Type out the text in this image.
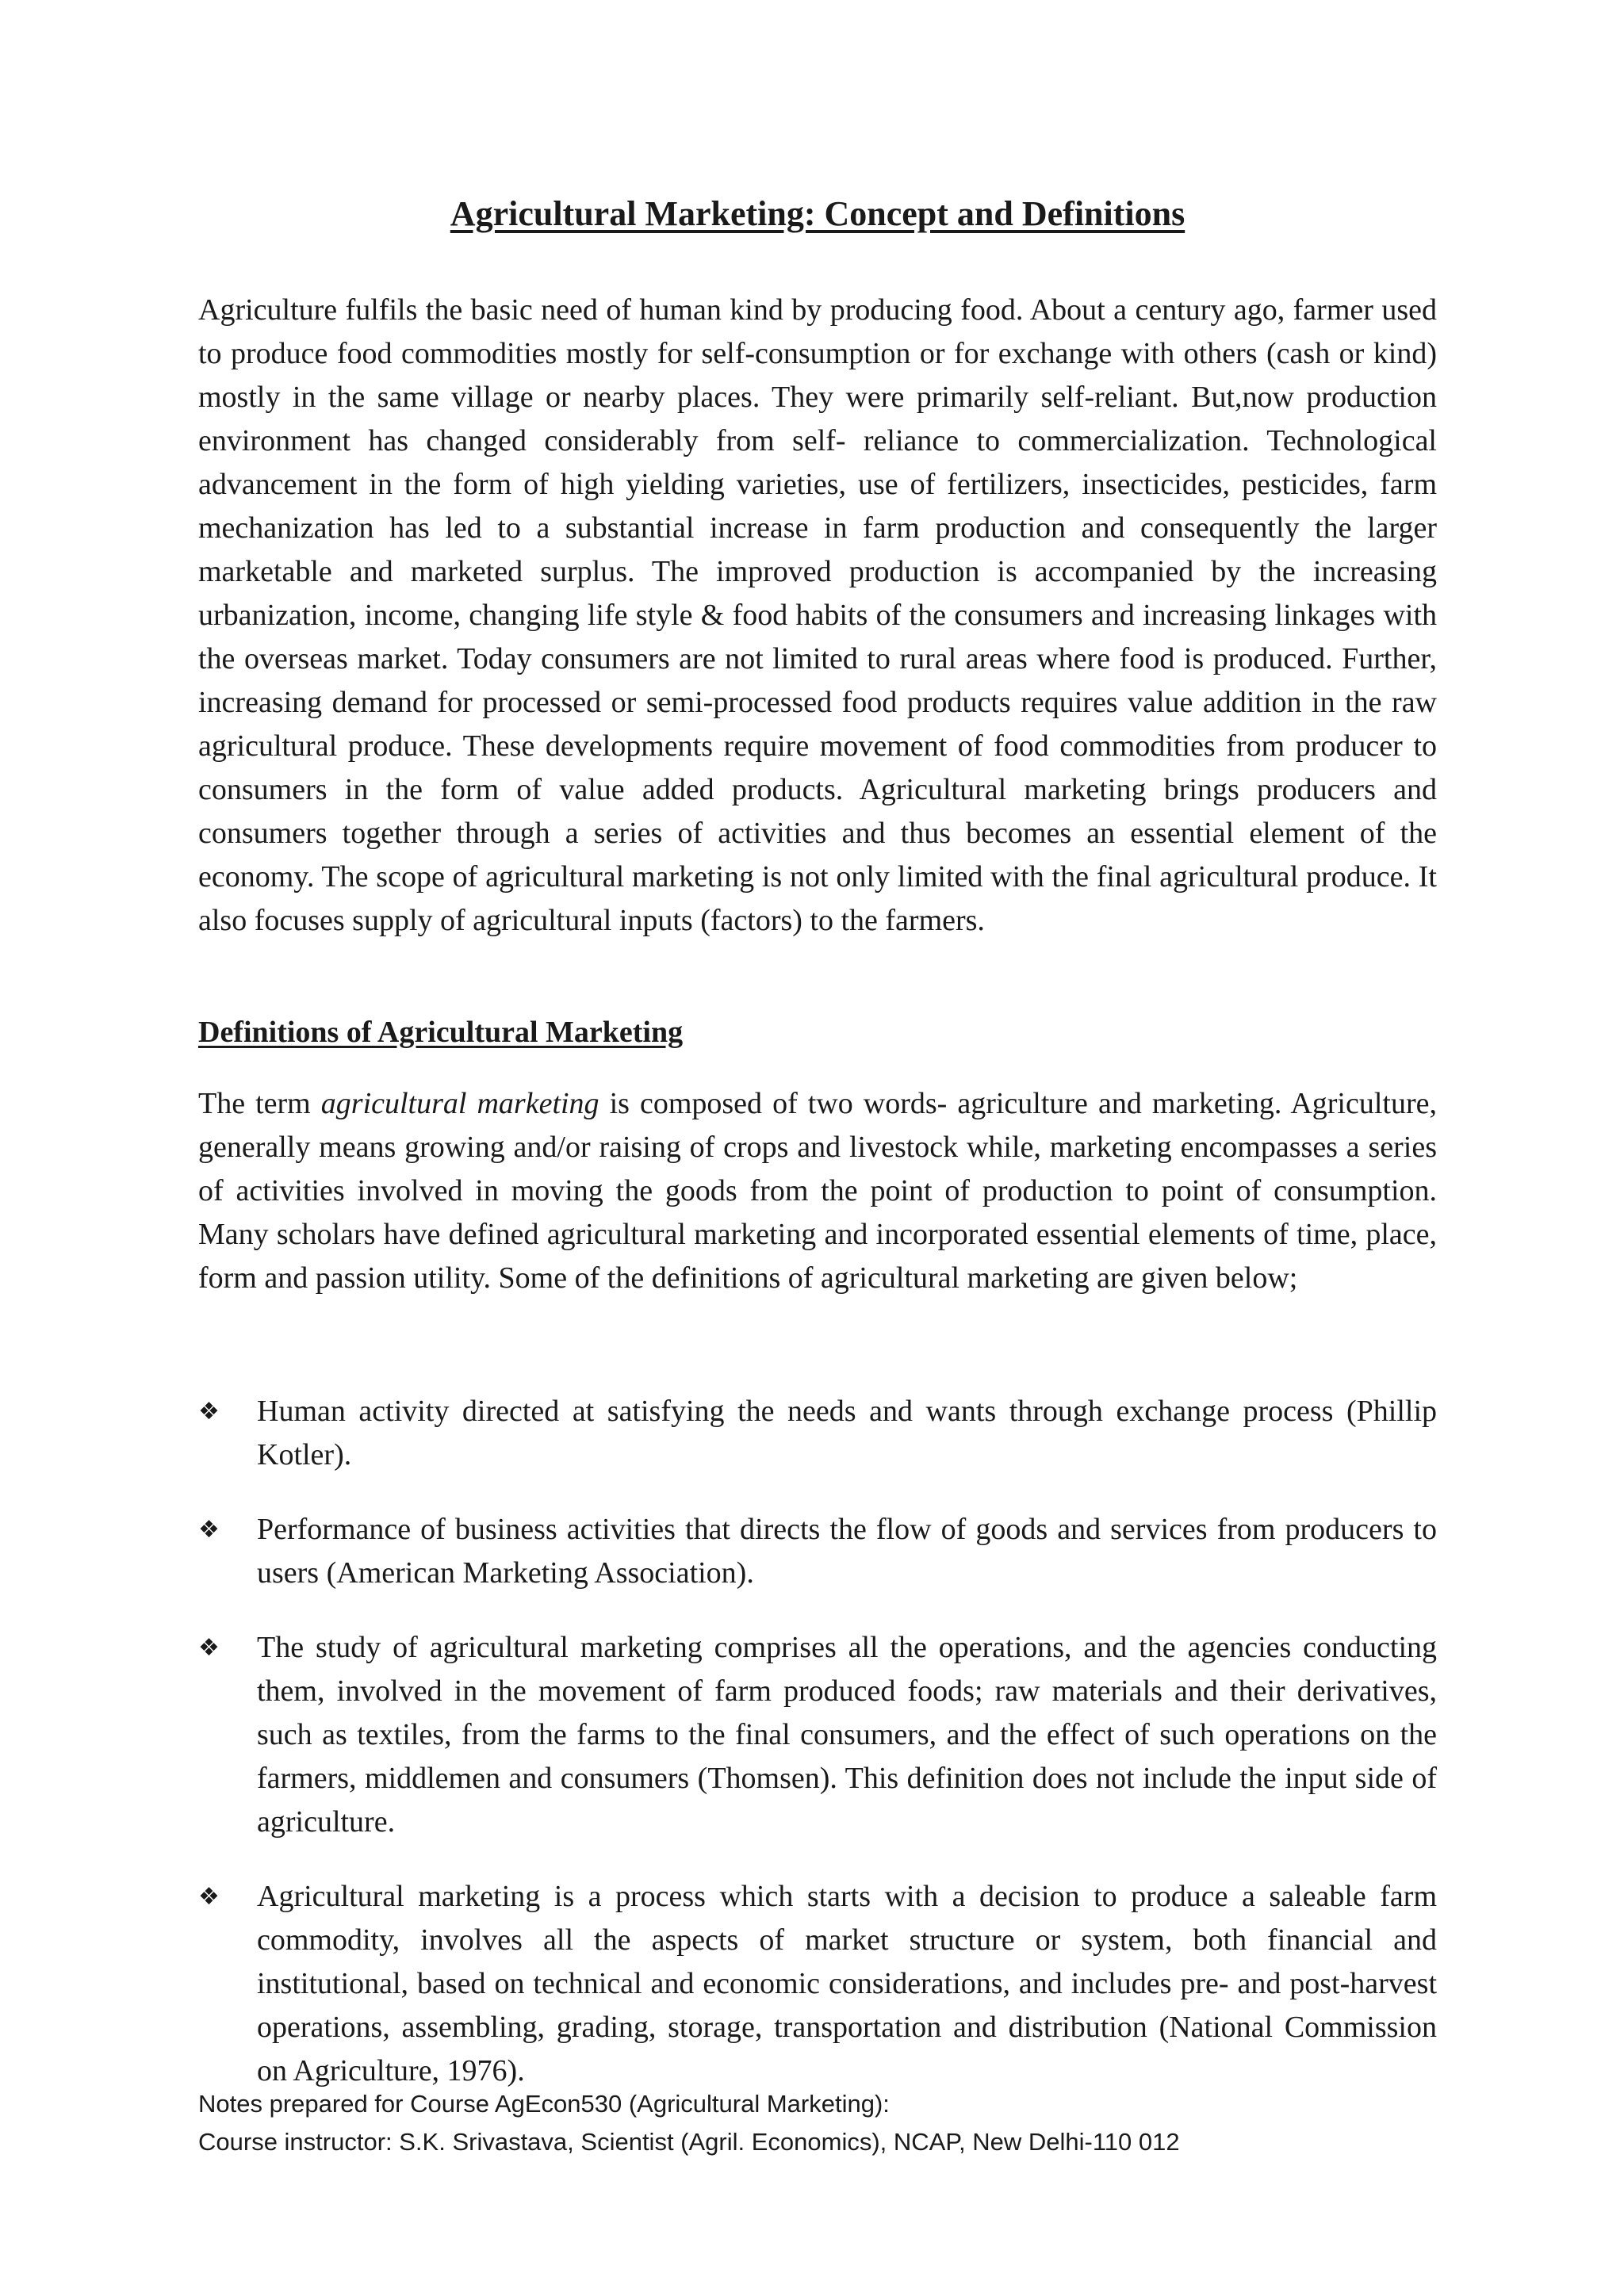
Agricultural Marketing: Concept and Definitions

Agriculture fulfils the basic need of human kind by producing food. About a century ago, farmer used to produce food commodities mostly for self-consumption or for exchange with others (cash or kind) mostly in the same village or nearby places. They were primarily self-reliant. But,now production environment has changed considerably from self- reliance to commercialization. Technological advancement in the form of high yielding varieties, use of fertilizers, insecticides, pesticides, farm mechanization has led to a substantial increase in farm production and consequently the larger marketable and marketed surplus. The improved production is accompanied by the increasing urbanization, income, changing life style & food habits of the consumers and increasing linkages with the overseas market. Today consumers are not limited to rural areas where food is produced. Further, increasing demand for processed or semi-processed food products requires value addition in the raw agricultural produce. These developments require movement of food commodities from producer to consumers in the form of value added products. Agricultural marketing brings producers and consumers together through a series of activities and thus becomes an essential element of the economy. The scope of agricultural marketing is not only limited with the final agricultural produce. It also focuses supply of agricultural inputs (factors) to the farmers.

Definitions of Agricultural Marketing

The term agricultural marketing is composed of two words- agriculture and marketing. Agriculture, generally means growing and/or raising of crops and livestock while, marketing encompasses a series of activities involved in moving the goods from the point of production to point of consumption. Many scholars have defined agricultural marketing and incorporated essential elements of time, place, form and passion utility. Some of the definitions of agricultural marketing are given below;

❖ Human activity directed at satisfying the needs and wants through exchange process (Phillip Kotler).
❖ Performance of business activities that directs the flow of goods and services from producers to users (American Marketing Association).
❖ The study of agricultural marketing comprises all the operations, and the agencies conducting them, involved in the movement of farm produced foods; raw materials and their derivatives, such as textiles, from the farms to the final consumers, and the effect of such operations on the farmers, middlemen and consumers (Thomsen). This definition does not include the input side of agriculture.
❖ Agricultural marketing is a process which starts with a decision to produce a saleable farm commodity, involves all the aspects of market structure or system, both financial and institutional, based on technical and economic considerations, and includes pre- and post-harvest operations, assembling, grading, storage, transportation and distribution (National Commission on Agriculture, 1976).
Notes prepared for Course AgEcon530 (Agricultural Marketing):
Course instructor: S.K. Srivastava, Scientist (Agril. Economics), NCAP, New Delhi-110 012
